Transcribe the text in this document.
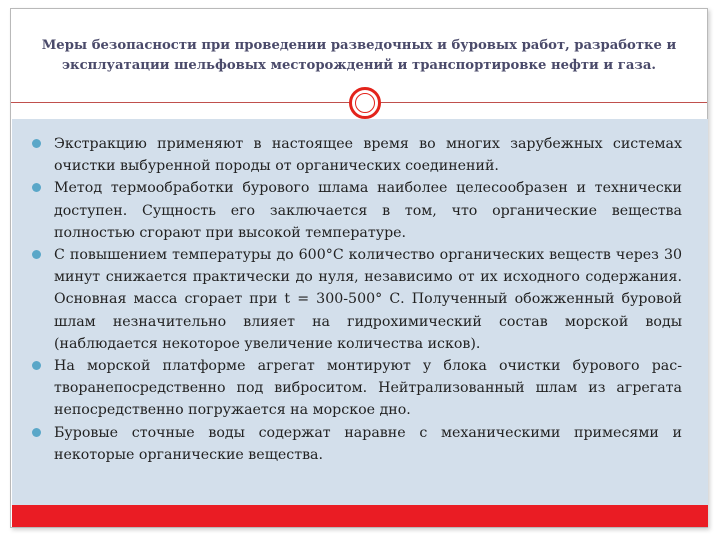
Меры безопасности при проведении разведочных и буровых работ, разработке и эксплуатации шельфовых месторождений и транспортировке нефти и газа.

Экстракцию применяют в настоящее время во многих зарубежных системах очистки выбуренной породы от органических соединений.
Метод термообработки бурового шлама наиболее целесообразен и технически доступен. Сущность его заключается в том, что органические вещества полностью сгорают при высокой температуре.
С повышением температуры до 600°С количество органических веществ через 30 минут снижается практически до нуля, независимо от их исходного содержания. Основная масса сгорает при t = 300-500° С. Полученный обожженный буровой шлам незначительно влияет на гидрохимический состав морской воды (наблюдается некоторое увеличение количества исков).
На морской платформе агрегат монтируют у блока очистки бурового рас-творанепосредственно под виброситом. Нейтрализованный шлам из агрегата непосредственно погружается на морское дно.
Буровые сточные воды содержат наравне с механическими примесями и некоторые органические вещества.
